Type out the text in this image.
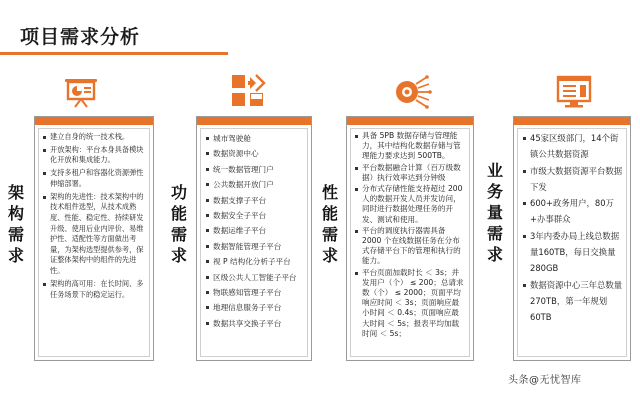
项目需求分析
架构需求
建立自身的统一技术栈。
开放架构：平台本身具备模块化开放和集成能力。
支持多租户和容器化资源弹性伸缩部署。
架构的先进性：技术架构中的技术组件选型，从技术成熟度、性能、稳定性、持续研发升级、使用后业内评价、易维护性、适配性等方面做出考量，为架构选型提供参考，保证整体架构中的组件的先进性。
架构的高可用：在长时间、多任务场景下的稳定运行。
功能需求
城市驾驶舱
数据资源中心
统一数据管理门户
公共数据开放门户
数据支撑子平台
数据安全子平台
数据运维子平台
数据智能管理子平台
视 P 结构化分析子平台
区级公共人工智能子平台
物联感知管理子平台
地理信息服务子平台
数据共享交换子平台
性能需求
具备 5PB 数据存储与管理能力，其中结构化数据存储与管理能力要求达到 500TB。
平台数据融合计算（百万级数据）执行效率达到分钟级
分布式存储性能支持超过 200 人的数据开发人员并发访问，同时进行数据处理任务的开发、测试和使用。
平台的调度执行器需具备 2000 个在线数据任务在分布式存储平台下的管理和执行的能力。
平台页面加载时长 ＜ 3s；并发用户（个） ≤ 200；总请求数（个） ≤ 2000；页面平均响应时间 ＜ 3s；页面响应最小时间 ＜ 0.4s；页面响应最大时间 ＜ 5s；报表平均加载时间 ＜ 5s；
业务量需求
45家区级部门，14个街镇公共数据资源
市级大数据资源平台数据下发
600+政务用户，80万+办事群众
3年内委办局上线总数据量160TB，每日交换量280GB
数据资源中心三年总数量270TB，第一年规划60TB
头条@无忧智库
